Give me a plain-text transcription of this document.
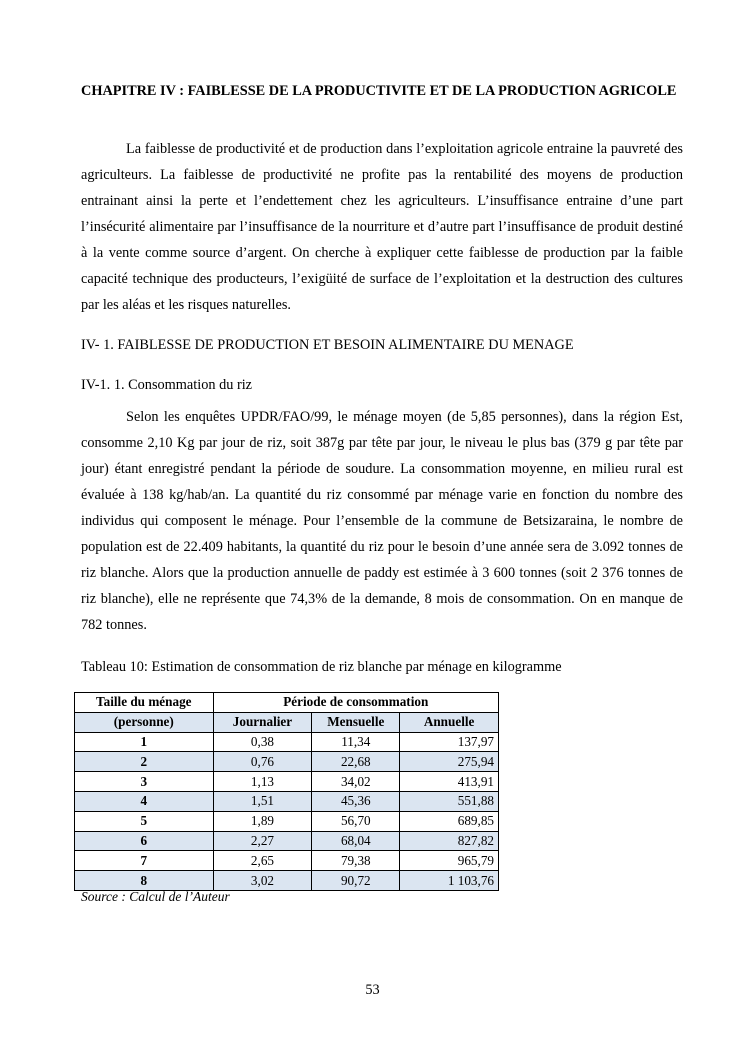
CHAPITRE IV : FAIBLESSE DE LA PRODUCTIVITE ET DE LA PRODUCTION AGRICOLE

La faiblesse de productivité et de production dans l’exploitation agricole entraine la pauvreté des agriculteurs. La faiblesse de productivité ne profite pas la rentabilité des moyens de production entrainant ainsi la perte et l’endettement chez les agriculteurs. L’insuffisance entraine d’une part l’insécurité alimentaire par l’insuffisance de la nourriture et d’autre part l’insuffisance de produit destiné à la vente comme source d’argent. On cherche à expliquer cette faiblesse de production par la faible capacité technique des producteurs, l’exigüité de surface de l’exploitation et la destruction des cultures par les aléas et les risques naturelles.

IV- 1. FAIBLESSE DE PRODUCTION ET BESOIN ALIMENTAIRE DU MENAGE
IV-1. 1. Consommation du riz

Selon les enquêtes UPDR/FAO/99, le ménage moyen (de 5,85 personnes), dans la région Est, consomme 2,10 Kg par jour de riz, soit 387g par tête par jour, le niveau le plus bas (379 g par tête par jour) étant enregistré pendant la période de soudure. La consommation moyenne, en milieu rural est évaluée à 138 kg/hab/an. La quantité du riz consommé par ménage varie en fonction du nombre des individus qui composent le ménage. Pour l’ensemble de la commune de Betsizaraina, le nombre de population est de 22.409 habitants, la quantité du riz pour le besoin d’une année sera de 3.092 tonnes de riz blanche. Alors que la production annuelle de paddy est estimée à 3 600 tonnes (soit 2 376 tonnes de riz blanche), elle ne représente que 74,3% de la demande, 8 mois de consommation. On en manque de 782 tonnes.

Tableau 10: Estimation de consommation de riz blanche par ménage en kilogramme
Taille du ménage	Période de consommation		
(personne)	Journalier	Mensuelle	Annuelle
1	0,38	11,34	137,97
2	0,76	22,68	275,94
3	1,13	34,02	413,91
4	1,51	45,36	551,88
5	1,89	56,70	689,85
6	2,27	68,04	827,82
7	2,65	79,38	965,79
8	3,02	90,72	1 103,76
Source : Calcul de l’Auteur
53
